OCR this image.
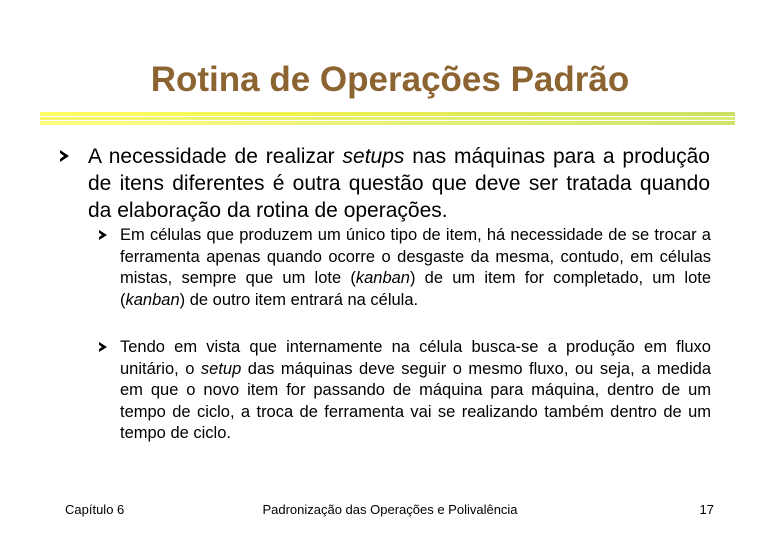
Rotina de Operações Padrão
A necessidade de realizar setups nas máquinas para a produção de itens diferentes é outra questão que deve ser tratada quando da elaboração da rotina de operações.
Em células que produzem um único tipo de item, há necessidade de se trocar a ferramenta apenas quando ocorre o desgaste da mesma, contudo, em células mistas, sempre que um lote (kanban) de um item for completado, um lote (kanban) de outro item entrará na célula.
Tendo em vista que internamente na célula busca-se a produção em fluxo unitário, o setup das máquinas deve seguir o mesmo fluxo, ou seja, a medida em que o novo item for passando de máquina para máquina, dentro de um tempo de ciclo, a troca de ferramenta vai se realizando também dentro de um tempo de ciclo.
Capítulo 6	Padronização das Operações e Polivalência	17
